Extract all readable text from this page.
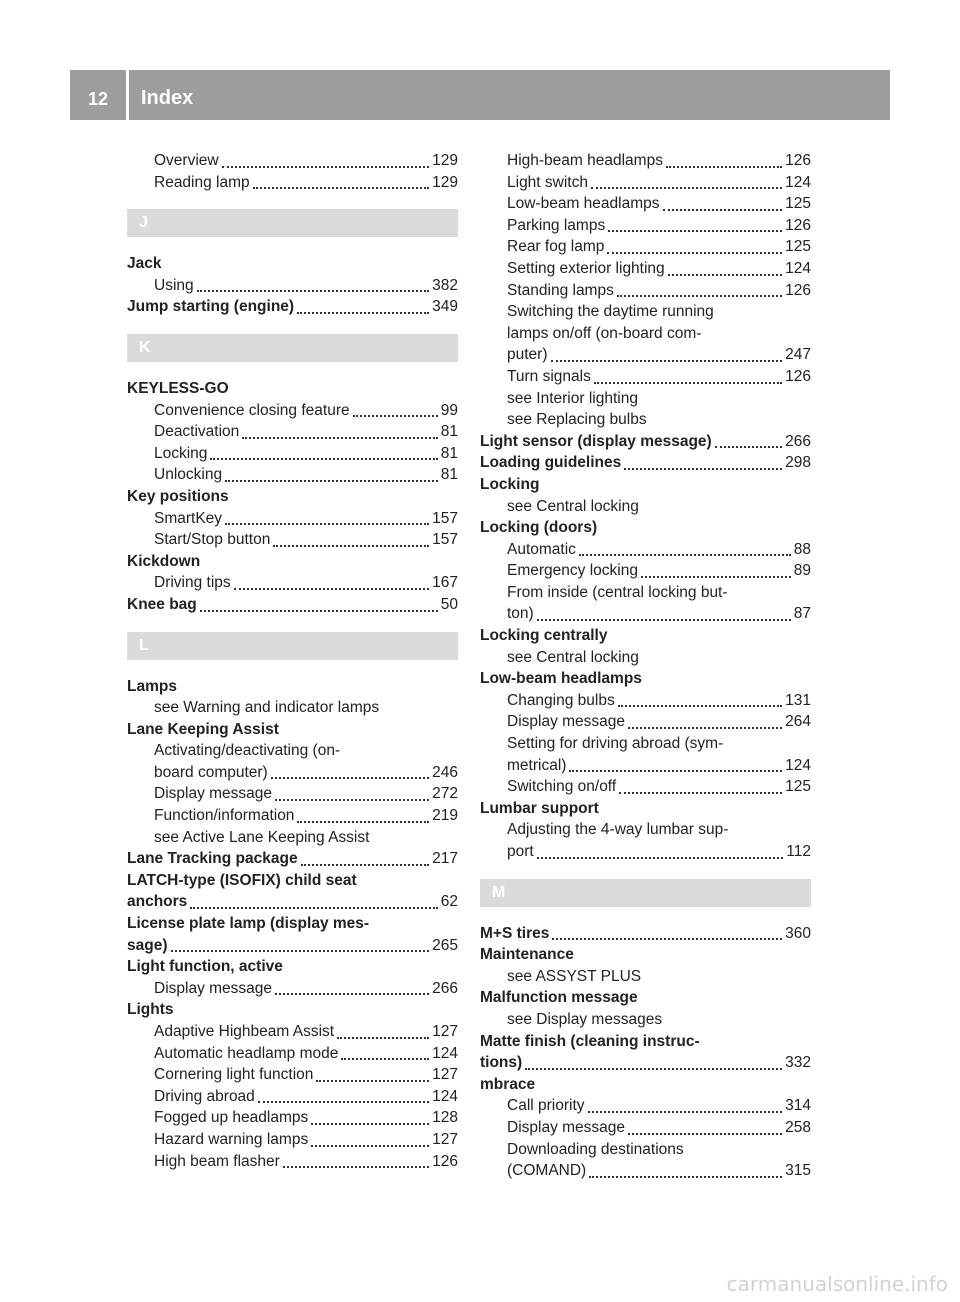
12	Index
Overview	129
Reading lamp	129
J
Jack
Using	382
Jump starting (engine)	349
K
KEYLESS-GO
Convenience closing feature	99
Deactivation	81
Locking	81
Unlocking	81
Key positions
SmartKey	157
Start/Stop button	157
Kickdown
Driving tips	167
Knee bag	50
L
Lamps
see Warning and indicator lamps
Lane Keeping Assist
Activating/deactivating (on-
board computer)	246
Display message	272
Function/information	219
see Active Lane Keeping Assist
Lane Tracking package	217
LATCH-type (ISOFIX) child seat
anchors	62
License plate lamp (display mes-
sage)	265
Light function, active
Display message	266
Lights
Adaptive Highbeam Assist	127
Automatic headlamp mode	124
Cornering light function	127
Driving abroad	124
Fogged up headlamps	128
Hazard warning lamps	127
High beam flasher	126
High-beam headlamps	126
Light switch	124
Low-beam headlamps	125
Parking lamps	126
Rear fog lamp	125
Setting exterior lighting	124
Standing lamps	126
Switching the daytime running
lamps on/off (on-board com-
puter)	247
Turn signals	126
see Interior lighting
see Replacing bulbs
Light sensor (display message)	266
Loading guidelines	298
Locking
see Central locking
Locking (doors)
Automatic	88
Emergency locking	89
From inside (central locking but-
ton)	87
Locking centrally
see Central locking
Low-beam headlamps
Changing bulbs	131
Display message	264
Setting for driving abroad (sym-
metrical)	124
Switching on/off	125
Lumbar support
Adjusting the 4-way lumbar sup-
port	112
M
M+S tires	360
Maintenance
see ASSYST PLUS
Malfunction message
see Display messages
Matte finish (cleaning instruc-
tions)	332
mbrace
Call priority	314
Display message	258
Downloading destinations
(COMAND)	315
carmanualsonline.info
